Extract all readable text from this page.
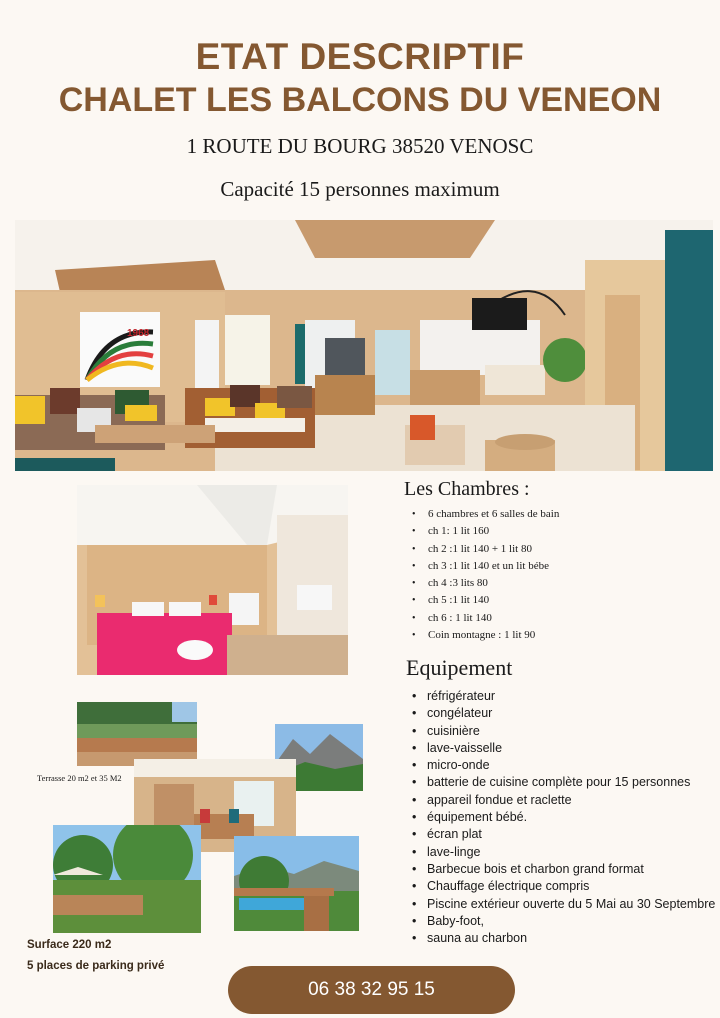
ETAT DESCRIPTIF
CHALET LES BALCONS DU VENEON
1 ROUTE DU BOURG 38520 VENOSC
Capacité 15 personnes maximum
1968
Les Chambres :
• 6 chambres et 6 salles de bain
• ch 1: 1 lit 160
• ch 2 :1 lit 140 + 1 lit 80
• ch 3 :1 lit 140 et un lit bébe
• ch 4 :3 lits 80
• ch 5 :1 lit 140
• ch 6 : 1 lit 140
• Coin montagne : 1 lit 90
Equipement
• réfrigérateur
• congélateur
• cuisinière
• lave-vaisselle
• micro-onde
• batterie de cuisine complète pour 15 personnes
• appareil fondue et raclette
• équipement bébé.
• écran plat
• lave-linge
• Barbecue bois et charbon grand format
• Chauffage électrique compris
• Piscine extérieur ouverte du 5 Mai au 30 Septembre
• Baby-foot,
• sauna au charbon
Terrasse 20 m2 et 35 M2
Surface 220 m2
5 places de parking privé
06 38 32 95 15
